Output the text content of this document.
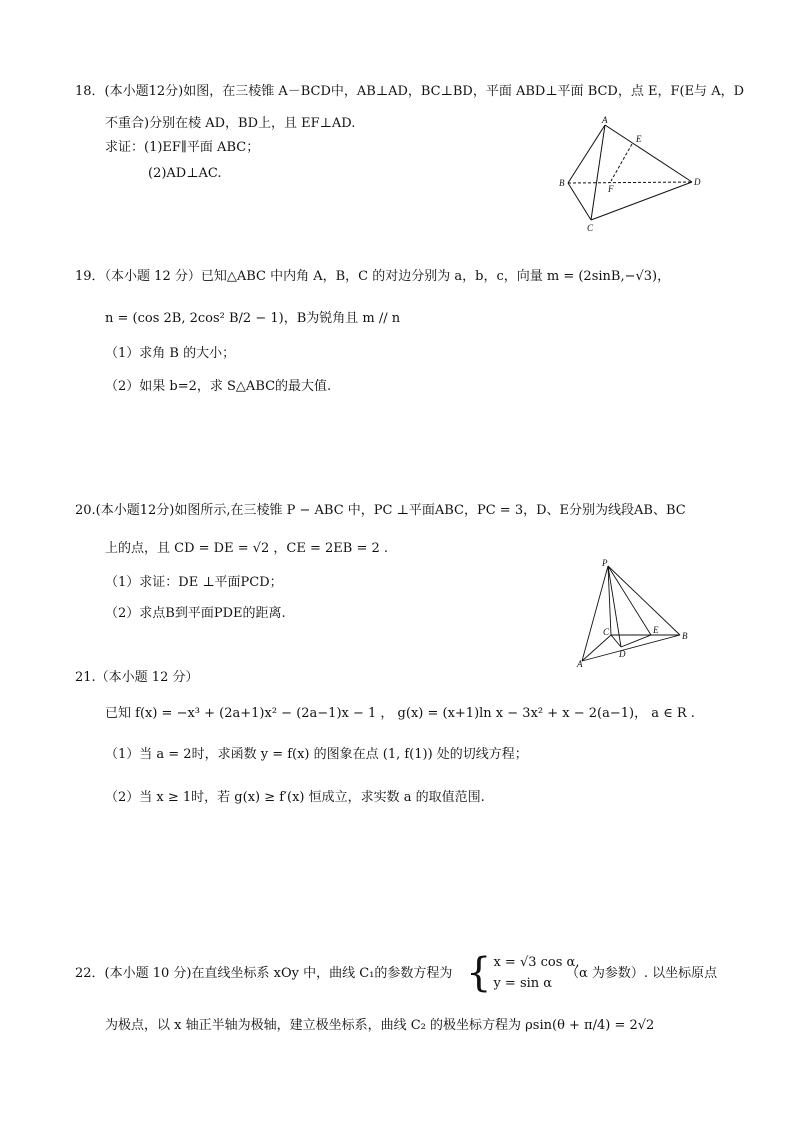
18．(本小题12分)如图，在三棱锥 A－BCD中，AB⊥AD，BC⊥BD，平面 ABD⊥平面 BCD，点 E，F(E与 A，D
不重合)分别在棱 AD，BD上，且 EF⊥AD.
求证：(1)EF∥平面 ABC；
(2)AD⊥AC.
A
B
C
D
E
F
19．（本小题 12 分）已知△ABC 中内角 A，B，C 的对边分别为 a，b，c，向量 m = (2sinB,−√3)，
n = (cos 2B, 2cos² B/2 − 1)，B为锐角且 m // n
（1）求角 B 的大小；
（2）如果 b=2，求 S△ABC的最大值.
20.(本小题12分)如图所示,在三棱锥 P − ABC 中，PC ⊥平面ABC，PC = 3，D、E分别为线段AB、BC
上的点，且 CD = DE = √2 ，CE = 2EB = 2 .
（1）求证：DE ⊥平面PCD；
（2）求点B到平面PDE的距离.
P
A
B
C
D
E
21.（本小题 12 分）
已知 f(x) = −x³ + (2a+1)x² − (2a−1)x − 1 ， g(x) = (x+1)ln x − 3x² + x − 2(a−1)， a ∈ R .
（1）当 a = 2时，求函数 y = f(x) 的图象在点 (1, f(1)) 处的切线方程；
（2）当 x ≥ 1时，若 g(x) ≥ f′(x) 恒成立，求实数 a 的取值范围.
22．(本小题 10 分)在直线坐标系 xOy 中，曲线 C₁的参数方程为 { x = √3 cos α,
y = sin α
（α 为参数）. 以坐标原点
为极点，以 x 轴正半轴为极轴，建立极坐标系，曲线 C₂ 的极坐标方程为 ρsin(θ + π/4) = 2√2
